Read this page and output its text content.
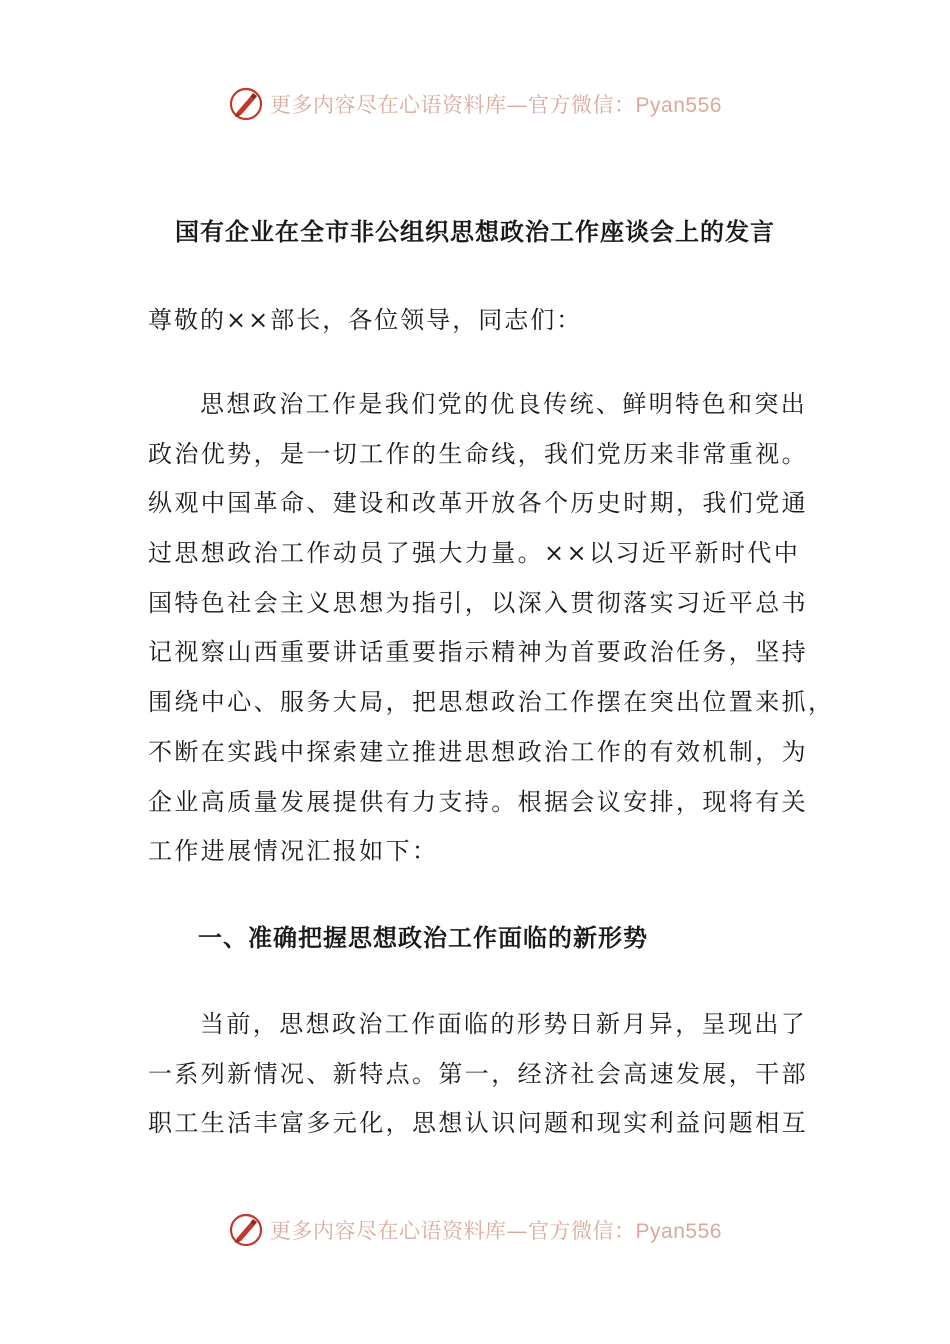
更多内容尽在心语资料库—官方微信：Pyan556
国有企业在全市非公组织思想政治工作座谈会上的发言
尊敬的××部长，各位领导，同志们：
思想政治工作是我们党的优良传统、鲜明特色和突出
政治优势，是一切工作的生命线，我们党历来非常重视。
纵观中国革命、建设和改革开放各个历史时期，我们党通
过思想政治工作动员了强大力量。××以习近平新时代中
国特色社会主义思想为指引，以深入贯彻落实习近平总书
记视察山西重要讲话重要指示精神为首要政治任务，坚持
围绕中心、服务大局，把思想政治工作摆在突出位置来抓，
不断在实践中探索建立推进思想政治工作的有效机制，为
企业高质量发展提供有力支持。根据会议安排，现将有关
工作进展情况汇报如下：
一、准确把握思想政治工作面临的新形势
当前，思想政治工作面临的形势日新月异，呈现出了
一系列新情况、新特点。第一，经济社会高速发展，干部
职工生活丰富多元化，思想认识问题和现实利益问题相互
更多内容尽在心语资料库—官方微信：Pyan556
